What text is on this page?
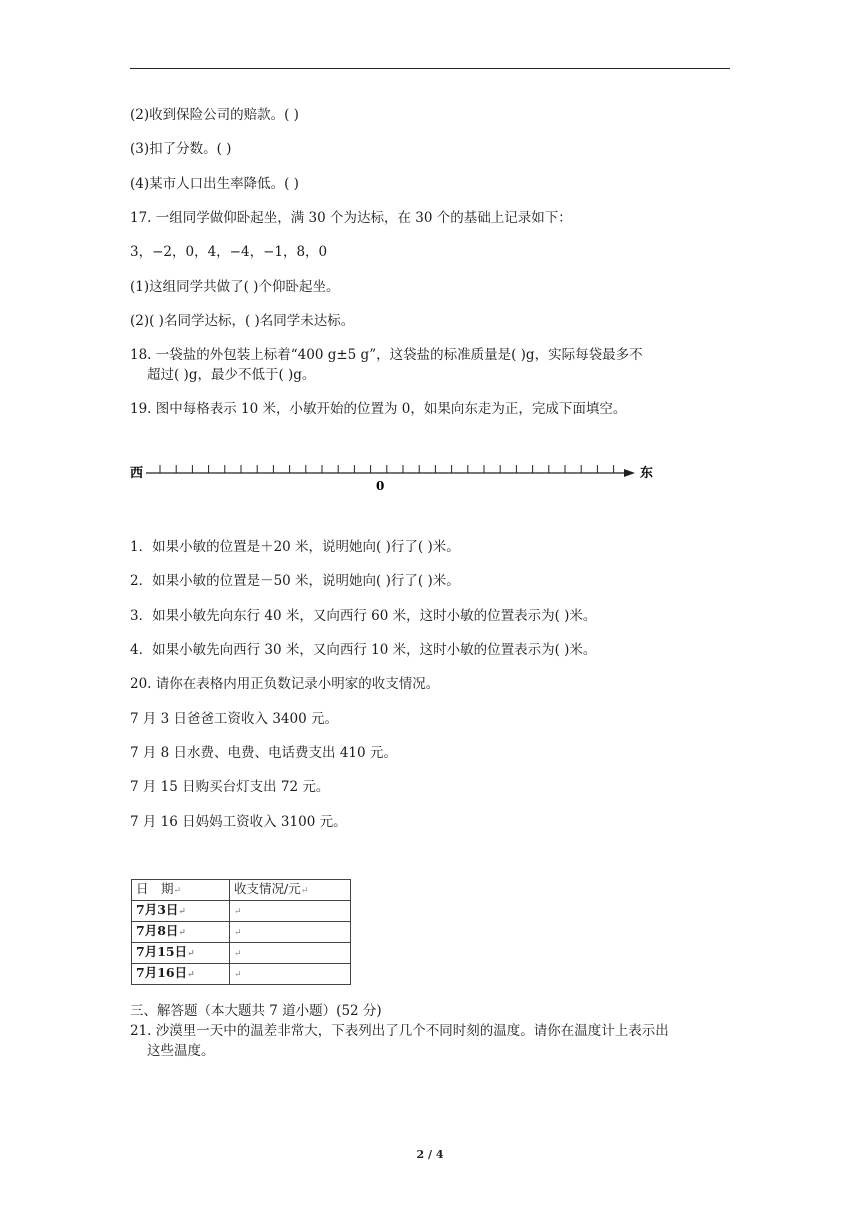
(2)收到保险公司的赔款。( )
(3)扣了分数。( )
(4)某市人口出生率降低。( )
17. 一组同学做仰卧起坐，满 30 个为达标，在 30 个的基础上记录如下：
3，−2，0，4，−4，−1，8，0
(1)这组同学共做了( )个仰卧起坐。
(2)( )名同学达标，( )名同学未达标。
18. 一袋盐的外包装上标着“400 g±5 g”，这袋盐的标准质量是( )g，实际每袋最多不
超过( )g，最少不低于( )g。
19. 图中每格表示 10 米，小敏开始的位置为 0，如果向东走为正，完成下面填空。
西
0
东
1．如果小敏的位置是＋20 米，说明她向( )行了( )米。
2．如果小敏的位置是－50 米，说明她向( )行了( )米。
3．如果小敏先向东行 40 米，又向西行 60 米，这时小敏的位置表示为( )米。
4．如果小敏先向西行 30 米，又向西行 10 米，这时小敏的位置表示为( )米。
20. 请你在表格内用正负数记录小明家的收支情况。
7 月 3 日爸爸工资收入 3400 元。
7 月 8 日水费、电费、电话费支出 410 元。
7 月 15 日购买台灯支出 72 元。
7 月 16 日妈妈工资收入 3100 元。
日　期↵	收支情况/元↵
7月3日↵	↵
7月8日↵	↵
7月15日↵	↵
7月16日↵	↵
三、解答题（本大题共 7 道小题）(52 分)
21. 沙漠里一天中的温差非常大，下表列出了几个不同时刻的温度。请你在温度计上表示出
这些温度。
2 / 4
